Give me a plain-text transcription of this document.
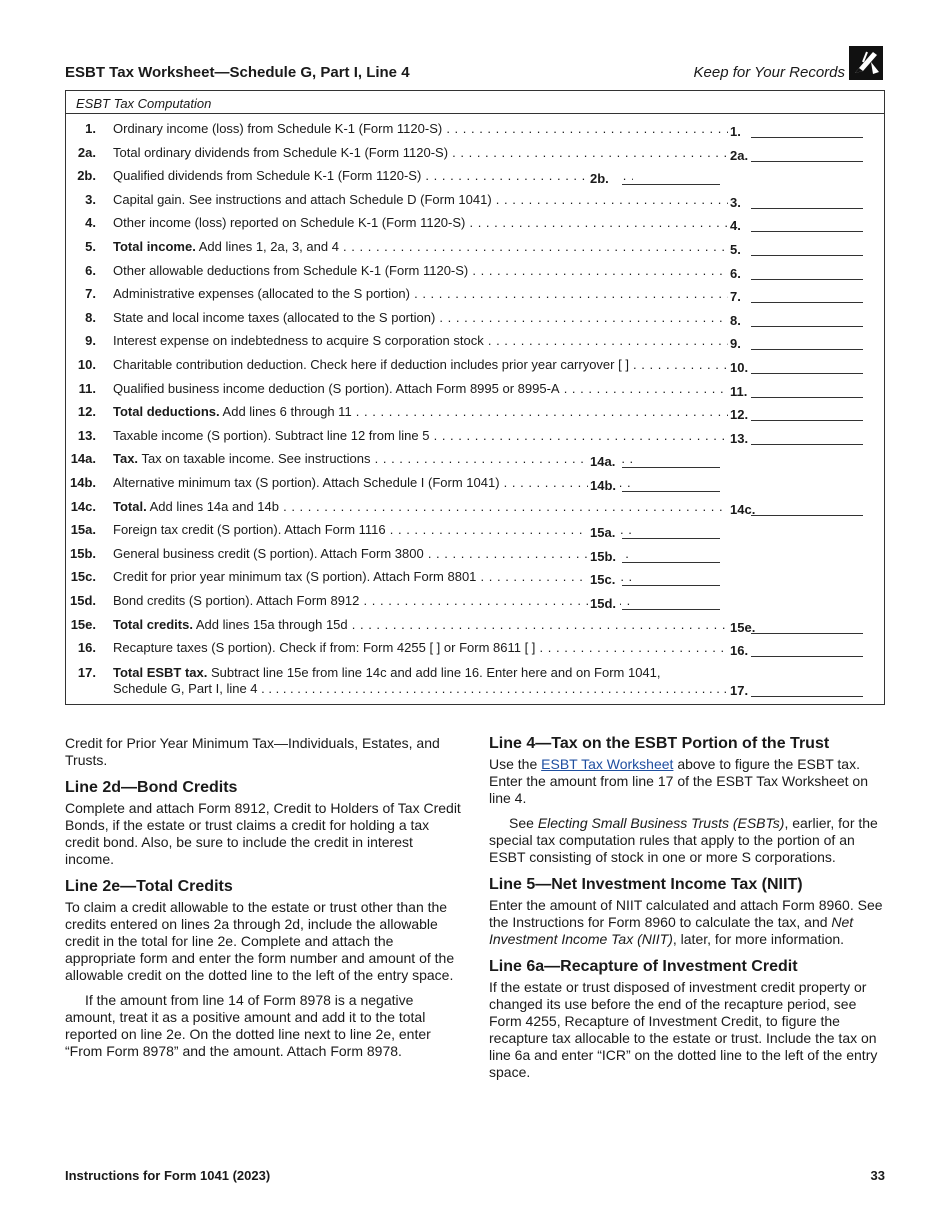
ESBT Tax Worksheet—Schedule G, Part I, Line 4	Keep for Your Records
ESBT Tax Computation
1. Ordinary income (loss) from Schedule K-1 (Form 1120-S) . . .	1.
2a. Total ordinary dividends from Schedule K-1 (Form 1120-S) . . .	2a.
2b. Qualified dividends from Schedule K-1 (Form 1120-S) . . .	2b.
3. Capital gain. See instructions and attach Schedule D (Form 1041) . . .	3.
4. Other income (loss) reported on Schedule K-1 (Form 1120-S) . . .	4.
5. Total income. Add lines 1, 2a, 3, and 4 . . .	5.
6. Other allowable deductions from Schedule K-1 (Form 1120-S) . . .	6.
7. Administrative expenses (allocated to the S portion) . . .	7.
8. State and local income taxes (allocated to the S portion) . . .	8.
9. Interest expense on indebtedness to acquire S corporation stock . . .	9.
10. Charitable contribution deduction. Check here if deduction includes prior year carryover [ ] . . .	10.
11. Qualified business income deduction (S portion). Attach Form 8995 or 8995-A . . .	11.
12. Total deductions. Add lines 6 through 11 . . .	12.
13. Taxable income (S portion). Subtract line 12 from line 5 . . .	13.
14a. Tax. Tax on taxable income. See instructions . . .	14a.
14b. Alternative minimum tax (S portion). Attach Schedule I (Form 1041) . . .	14b.
14c. Total. Add lines 14a and 14b . . .	14c.
15a. Foreign tax credit (S portion). Attach Form 1116 . . .	15a.
15b. General business credit (S portion). Attach Form 3800 . . .	15b.
15c. Credit for prior year minimum tax (S portion). Attach Form 8801 . . .	15c.
15d. Bond credits (S portion). Attach Form 8912 . . .	15d.
15e. Total credits. Add lines 15a through 15d . . .	15e.
16. Recapture taxes (S portion). Check if from: Form 4255 [ ] or Form 8611 [ ] . . .	16.
17. Total ESBT tax. Subtract line 15e from line 14c and add line 16. Enter here and on Form 1041,
Schedule G, Part I, line 4 . . .	17.

Credit for Prior Year Minimum Tax—Individuals, Estates, and Trusts.

Line 2d—Bond Credits

Complete and attach Form 8912, Credit to Holders of Tax Credit Bonds, if the estate or trust claims a credit for holding a tax credit bond. Also, be sure to include the credit in interest income.

Line 2e—Total Credits

To claim a credit allowable to the estate or trust other than the credits entered on lines 2a through 2d, include the allowable credit in the total for line 2e. Complete and attach the appropriate form and enter the form number and amount of the allowable credit on the dotted line to the left of the entry space.

If the amount from line 14 of Form 8978 is a negative amount, treat it as a positive amount and add it to the total reported on line 2e. On the dotted line next to line 2e, enter “From Form 8978” and the amount. Attach Form 8978.

Line 4—Tax on the ESBT Portion of the Trust

Use the ESBT Tax Worksheet above to figure the ESBT tax. Enter the amount from line 17 of the ESBT Tax Worksheet on line 4.

See Electing Small Business Trusts (ESBTs), earlier, for the special tax computation rules that apply to the portion of an ESBT consisting of stock in one or more S corporations.

Line 5—Net Investment Income Tax (NIIT)

Enter the amount of NIIT calculated and attach Form 8960. See the Instructions for Form 8960 to calculate the tax, and Net Investment Income Tax (NIIT), later, for more information.

Line 6a—Recapture of Investment Credit

If the estate or trust disposed of investment credit property or changed its use before the end of the recapture period, see Form 4255, Recapture of Investment Credit, to figure the recapture tax allocable to the estate or trust. Include the tax on line 6a and enter “ICR” on the dotted line to the left of the entry space.

Instructions for Form 1041 (2023)	33
